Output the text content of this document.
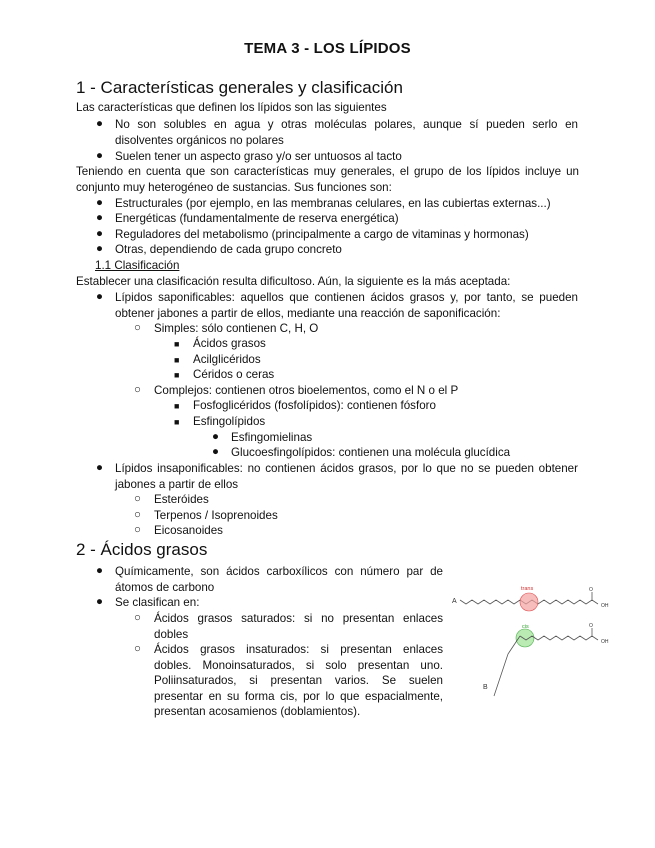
TEMA 3 - LOS LÍPIDOS
1 - Características generales y clasificación
Las características que definen los lípidos son las siguientes
● No son solubles en agua y otras moléculas polares, aunque sí pueden serlo en disolventes orgánicos no polares
● Suelen tener un aspecto graso y/o ser untuosos al tacto
Teniendo en cuenta que son características muy generales, el grupo de los lípidos incluye un conjunto muy heterogéneo de sustancias. Sus funciones son:
● Estructurales (por ejemplo, en las membranas celulares, en las cubiertas externas...)
● Energéticas (fundamentalmente de reserva energética)
● Reguladores del metabolismo (principalmente a cargo de vitaminas y hormonas)
● Otras, dependiendo de cada grupo concreto
1.1 Clasificación
Establecer una clasificación resulta dificultoso. Aún, la siguiente es la más aceptada:
● Lípidos saponificables: aquellos que contienen ácidos grasos y, por tanto, se pueden obtener jabones a partir de ellos, mediante una reacción de saponificación:
○ Simples: sólo contienen C, H, O
■ Ácidos grasos
■ Acilglicéridos
■ Céridos o ceras
○ Complejos: contienen otros bioelementos, como el N o el P
■ Fosfoglicéridos (fosfolípidos): contienen fósforo
■ Esfingolípidos
● Esfingomielinas
● Glucoesfingolípidos: contienen una molécula glucídica
● Lípidos insaponificables: no contienen ácidos grasos, por lo que no se pueden obtener jabones a partir de ellos
○ Esteróides
○ Terpenos / Isoprenoides
○ Eicosanoides
2 - Ácidos grasos
● Químicamente, son ácidos carboxílicos con número par de átomos de carbono
● Se clasifican en:
○ Ácidos grasos saturados: si no presentan enlaces dobles
○ Ácidos grasos insaturados: si presentan enlaces dobles. Monoinsaturados, si solo presentan uno. Poliinsaturados, si presentan varios. Se suelen presentar en su forma cis, por lo que espacialmente, presentan acosamienos (doblamientos).
A
trans	O
OH
cis	O
OH
B
